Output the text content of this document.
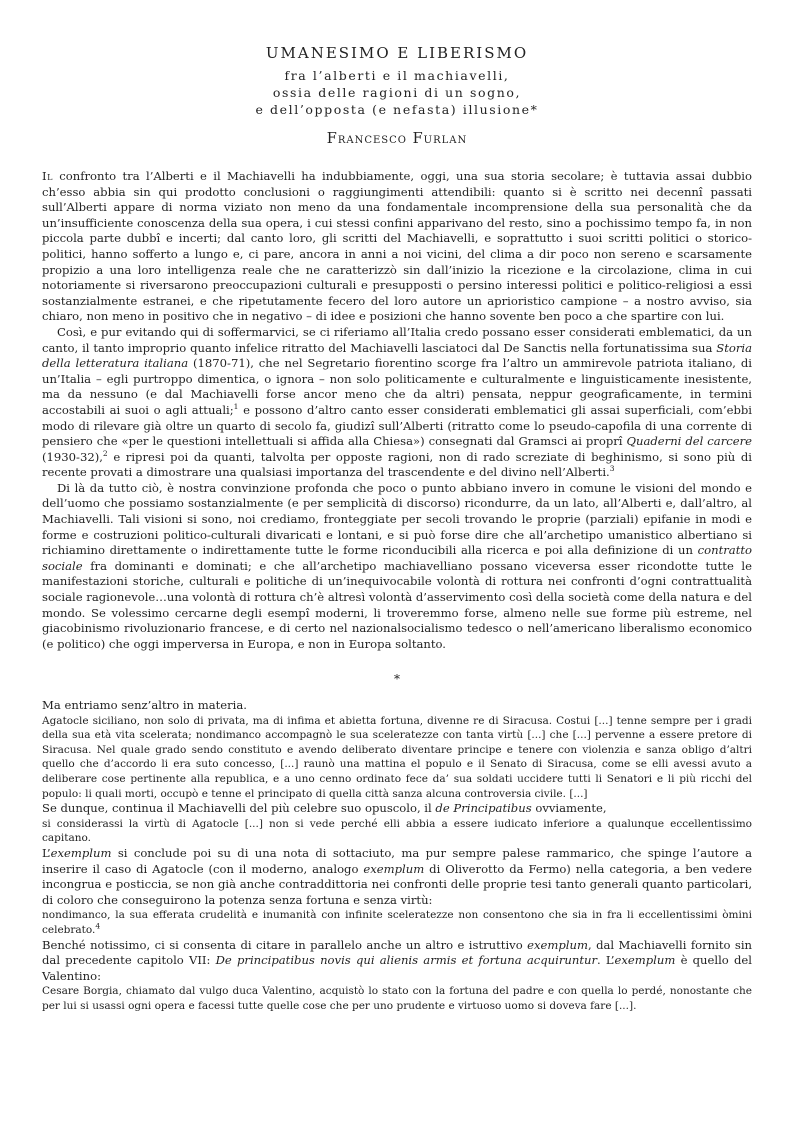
UMANESIMO E LIBERISMO
fra l’alberti e il machiavelli,
ossia delle ragioni di un sogno,
e dell’opposta (e nefasta) illusione*
Francesco Furlan

Il confronto tra l’Alberti e il Machiavelli ha indubbiamente, oggi, una sua storia secolare; è tuttavia assai dubbio ch’esso abbia sin qui prodotto conclusioni o raggiungimenti attendibili: quanto si è scritto nei decennî passati sull’Alberti appare di norma viziato non meno da una fondamentale incomprensione della sua personalità che da un’insufficiente conoscenza della sua opera, i cui stessi confini apparivano del resto, sino a pochissimo tempo fa, in non piccola parte dubbî e incerti; dal canto loro, gli scritti del Machiavelli, e soprattutto i suoi scritti politici o storico-politici, hanno sofferto a lungo e, ci pare, ancora in anni a noi vicini, del clima a dir poco non sereno e scarsamente propizio a una loro intelligenza reale che ne caratterizzò sin dall’inizio la ricezione e la circolazione, clima in cui notoriamente si riversarono preoccupazioni culturali e presupposti o persino interessi politici e politico-religiosi a essi sostanzialmente estranei, e che ripetutamente fecero del loro autore un aprioristico campione – a nostro avviso, sia chiaro, non meno in positivo che in negativo – di idee e posizioni che hanno sovente ben poco a che spartire con lui.

Così, e pur evitando qui di soffermarvici, se ci riferiamo all’Italia credo possano esser considerati emblematici, da un canto, il tanto improprio quanto infelice ritratto del Machiavelli lasciatoci dal De Sanctis nella fortunatissima sua Storia della letteratura italiana (1870-71), che nel Segretario fiorentino scorge fra l’altro un ammirevole patriota italiano, di un’Italia – egli purtroppo dimentica, o ignora – non solo politicamente e culturalmente e linguisticamente inesistente, ma da nessuno (e dal Machiavelli forse ancor meno che da altri) pensata, neppur geograficamente, in termini accostabili ai suoi o agli attuali;$^1$ e possono d’altro canto esser considerati emblematici gli assai superficiali, com’ebbi modo di rilevare già oltre un quarto di secolo fa, giudizî sull’Alberti (ritratto come lo pseudo-capofila di una corrente di pensiero che «per le questioni intellettuali si affida alla Chiesa») consegnati dal Gramsci ai proprî Quaderni del carcere (1930-32),$^2$ e ripresi poi da quanti, talvolta per opposte ragioni, non di rado screziate di beghinismo, si sono più di recente provati a dimostrare una qualsiasi importanza del trascendente e del divino nell’Alberti.$^3$

Di là da tutto ciò, è nostra convinzione profonda che poco o punto abbiano invero in comune le visioni del mondo e dell’uomo che possiamo sostanzialmente (e per semplicità di discorso) ricondurre, da un lato, all’Alberti e, dall’altro, al Machiavelli. Tali visioni si sono, noi crediamo, fronteggiate per secoli trovando le proprie (parziali) epifanie in modi e forme e costruzioni politico-culturali divaricati e lontani, e si può forse dire che all’archetipo umanistico albertiano si richiamino direttamente o indirettamente tutte le forme riconducibili alla ricerca e poi alla definizione di un contratto sociale fra dominanti e dominati; e che all’archetipo machiavelliano possano viceversa esser ricondotte tutte le manifestazioni storiche, culturali e politiche di un’inequivocabile volontà di rottura nei confronti d’ogni contrattualità sociale ragionevole…una volontà di rottura ch’è altresì volontà d’asservimento così della società come della natura e del mondo. Se volessimo cercarne degli esempî moderni, li troveremmo forse, almeno nelle sue forme più estreme, nel giacobinismo rivoluzionario francese, e di certo nel nazionalsocialismo tedesco o nell’americano liberalismo economico (e politico) che oggi imperversa in Europa, e non in Europa soltanto.

*

Ma entriamo senz’altro in materia.

Agatocle siciliano, non solo di privata, ma di infima et abietta fortuna, divenne re di Siracusa. Costui [...] tenne sempre per i gradi della sua età vita scelerata; nondimanco accompagnò le sua sceleratezze con tanta virtù [...] che [...] pervenne a essere pretore di Siracusa. Nel quale grado sendo constituto e avendo deliberato diventare principe e tenere con violenzia e sanza obligo d’altri quello che d’accordo li era suto concesso, [...] raunò una mattina el populo e il Senato di Siracusa, come se elli avessi avuto a deliberare cose pertinente alla republica, e a uno cenno ordinato fece da’ sua soldati uccidere tutti li Senatori e li più ricchi del populo: li quali morti, occupò e tenne el principato di quella città sanza alcuna controversia civile. [...]

Se dunque, continua il Machiavelli del più celebre suo opuscolo, il de Principatibus ovviamente,

si considerassi la virtù di Agatocle [...] non si vede perché elli abbia a essere iudicato inferiore a qualunque eccellentissimo capitano.

L’exemplum si conclude poi su di una nota di sottaciuto, ma pur sempre palese rammarico, che spinge l’autore a inserire il caso di Agatocle (con il moderno, analogo exemplum di Oliverotto da Fermo) nella categoria, a ben vedere incongrua e posticcia, se non già anche contraddittoria nei confronti delle proprie tesi tanto generali quanto particolari, di coloro che conseguirono la potenza senza fortuna e senza virtù:

nondimanco, la sua efferata crudelità e inumanità con infinite sceleratezze non consentono che sia in fra li eccellentissimi òmini celebrato.$^4$

Benché notissimo, ci si consenta di citare in parallelo anche un altro e istruttivo exemplum, dal Machiavelli fornito sin dal precedente capitolo VII: De principatibus novis qui alienis armis et fortuna acquiruntur. L’exemplum è quello del Valentino:

Cesare Borgia, chiamato dal vulgo duca Valentino, acquistò lo stato con la fortuna del padre e con quella lo perdé, nonostante che per lui si usassi ogni opera e facessi tutte quelle cose che per uno prudente e virtuoso uomo si doveva fare [...].
